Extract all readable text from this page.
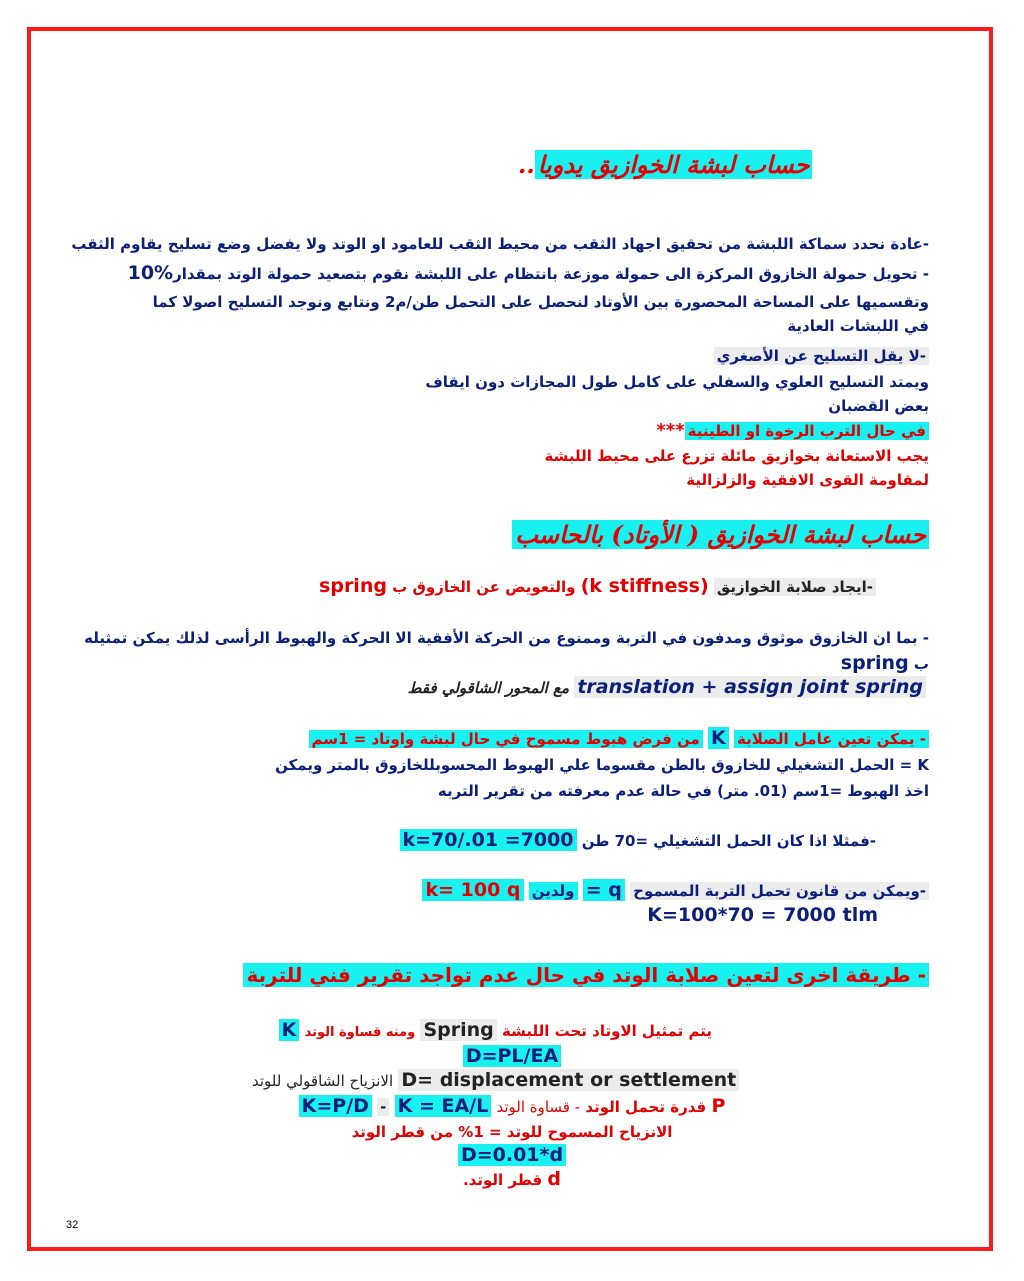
حساب لبشة الخوازيق يدويا..
-عادة نحدد سماكة اللبشة من تحقيق اجهاد الثقب من محيط الثقب للعامود او الوتد ولا يفضل وضع تسليح يقاوم الثقب
- تحويل حمولة الخازوق المركزة الى حمولة موزعة بانتظام على اللبشة نقوم بتصعيد حمولة الوتد بمقدار10%
وتقسميها على المساحة المحصورة بين الأوتاد لنحصل على التحمل طن/م2 ونتابع ونوجد التسليح اصولا كما
في اللبشات العادية
-لا يقل التسليح عن الأصغري
ويمتد التسليح العلوي والسفلي على كامل طول المجازات دون ايقاف
بعض القضبان
في حال الترب الرخوة او الطينية***
يجب الاستعانة بخوازيق مائلة تزرع على محيط اللبشة
لمقاومة القوى الافقية والزلزالية
حساب لبشة الخوازيق ( الأوتاد) بالحاسب
-ايجاد صلابة الخوازيق (k stiffness) والتعويض عن الخازوق ب spring
- بما ان الخازوق موثوق ومدفون في التربة وممنوع من الحركة الأفقية الا الحركة والهبوط الرأسى لذلك يمكن تمثيله
ب spring
translation + assign joint spring مع المحور الشاقولي فقط
- يمكن تعين عامل الصلابة K من فرض هبوط مسموح في حال لبشة واوتاد = 1سم
K = الحمل التشغيلي للخازوق بالطن مقسوما علي الهبوط المحسوبللخازوق بالمتر ويمكن
اخذ الهبوط =1سم (01. متر) في حالة عدم معرفته من تقرير التربه
-فمثلا اذا كان الحمل التشغيلي =70 طن k=70/.01 =7000
-ويمكن من قانون تحمل التربة المسموح q = ولدين k= 100 q
K=100*70 = 7000 tlm
- طريقة اخرى لتعين صلابة الوتد في حال عدم تواجد تقرير فني للتربة
يتم تمثيل الاوتاد تحت اللبشة Spring ومنه قساوة الوتد K
D=PL/EA
D= displacement or settlement الانزياح الشاقولي للوتد
P قدرة تحمل الوتد - قساوة الوتد K=P/D - K = EA/L
الانزياح المسموح للوتد = 1% من قطر الوتد
D=0.01*d
d قطر الوتد.
32
